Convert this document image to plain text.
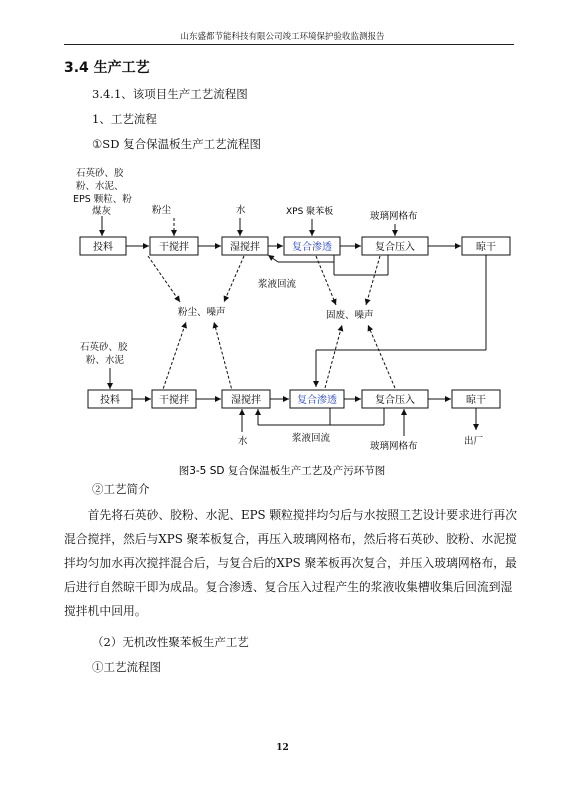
山东盛都节能科技有限公司竣工环境保护验收监测报告
3.4 生产工艺
3.4.1、该项目生产工艺流程图
1、工艺流程
①SD 复合保温板生产工艺流程图
石英砂、胶
粉、水泥、
EPS 颗粒、粉
煤灰
投料	干搅拌	湿搅拌	复合渗透	复合压入	晾干
粉尘	水	XPS 聚苯板	玻璃网格布
浆液回流
粉尘、噪声	固废、噪声
石英砂、胶
粉、水泥
投料	干搅拌	湿搅拌	复合渗透	复合压入	晾干
水	浆液回流
玻璃网格布	出厂
图3-5 SD 复合保温板生产工艺及产污环节图
②工艺简介

首先将石英砂、胶粉、水泥、EPS 颗粒搅拌均匀后与水按照工艺设计要求进行再次混合搅拌，然后与XPS 聚苯板复合，再压入玻璃网格布，然后将石英砂、胶粉、水泥搅拌均匀加水再次搅拌混合后，与复合后的XPS 聚苯板再次复合，并压入玻璃网格布，最后进行自然晾干即为成品。复合渗透、复合压入过程产生的浆液收集槽收集后回流到湿搅拌机中回用。

（2）无机改性聚苯板生产工艺
①工艺流程图
12
